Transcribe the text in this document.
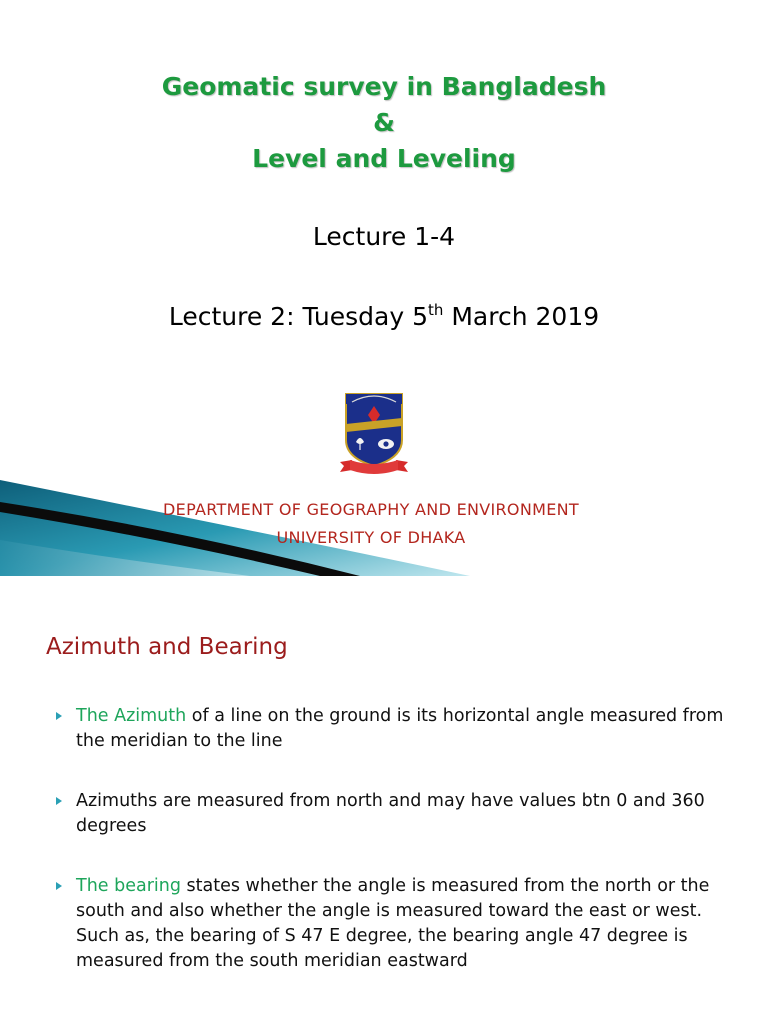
Geomatic survey in Bangladesh
&
Level and Leveling
Lecture 1-4
Lecture 2: Tuesday 5th March 2019
DEPARTMENT OF GEOGRAPHY AND ENVIRONMENT
UNIVERSITY OF DHAKA
Azimuth and Bearing
The Azimuth of a line on the ground is its horizontal angle measured from the meridian to the line
Azimuths are measured from north and may have values btn 0 and 360 degrees
The bearing states whether the angle is measured from the north or the south and also whether the angle is measured toward the east or west. Such as, the bearing of S 47 E degree, the bearing angle 47 degree is measured from the south meridian eastward
